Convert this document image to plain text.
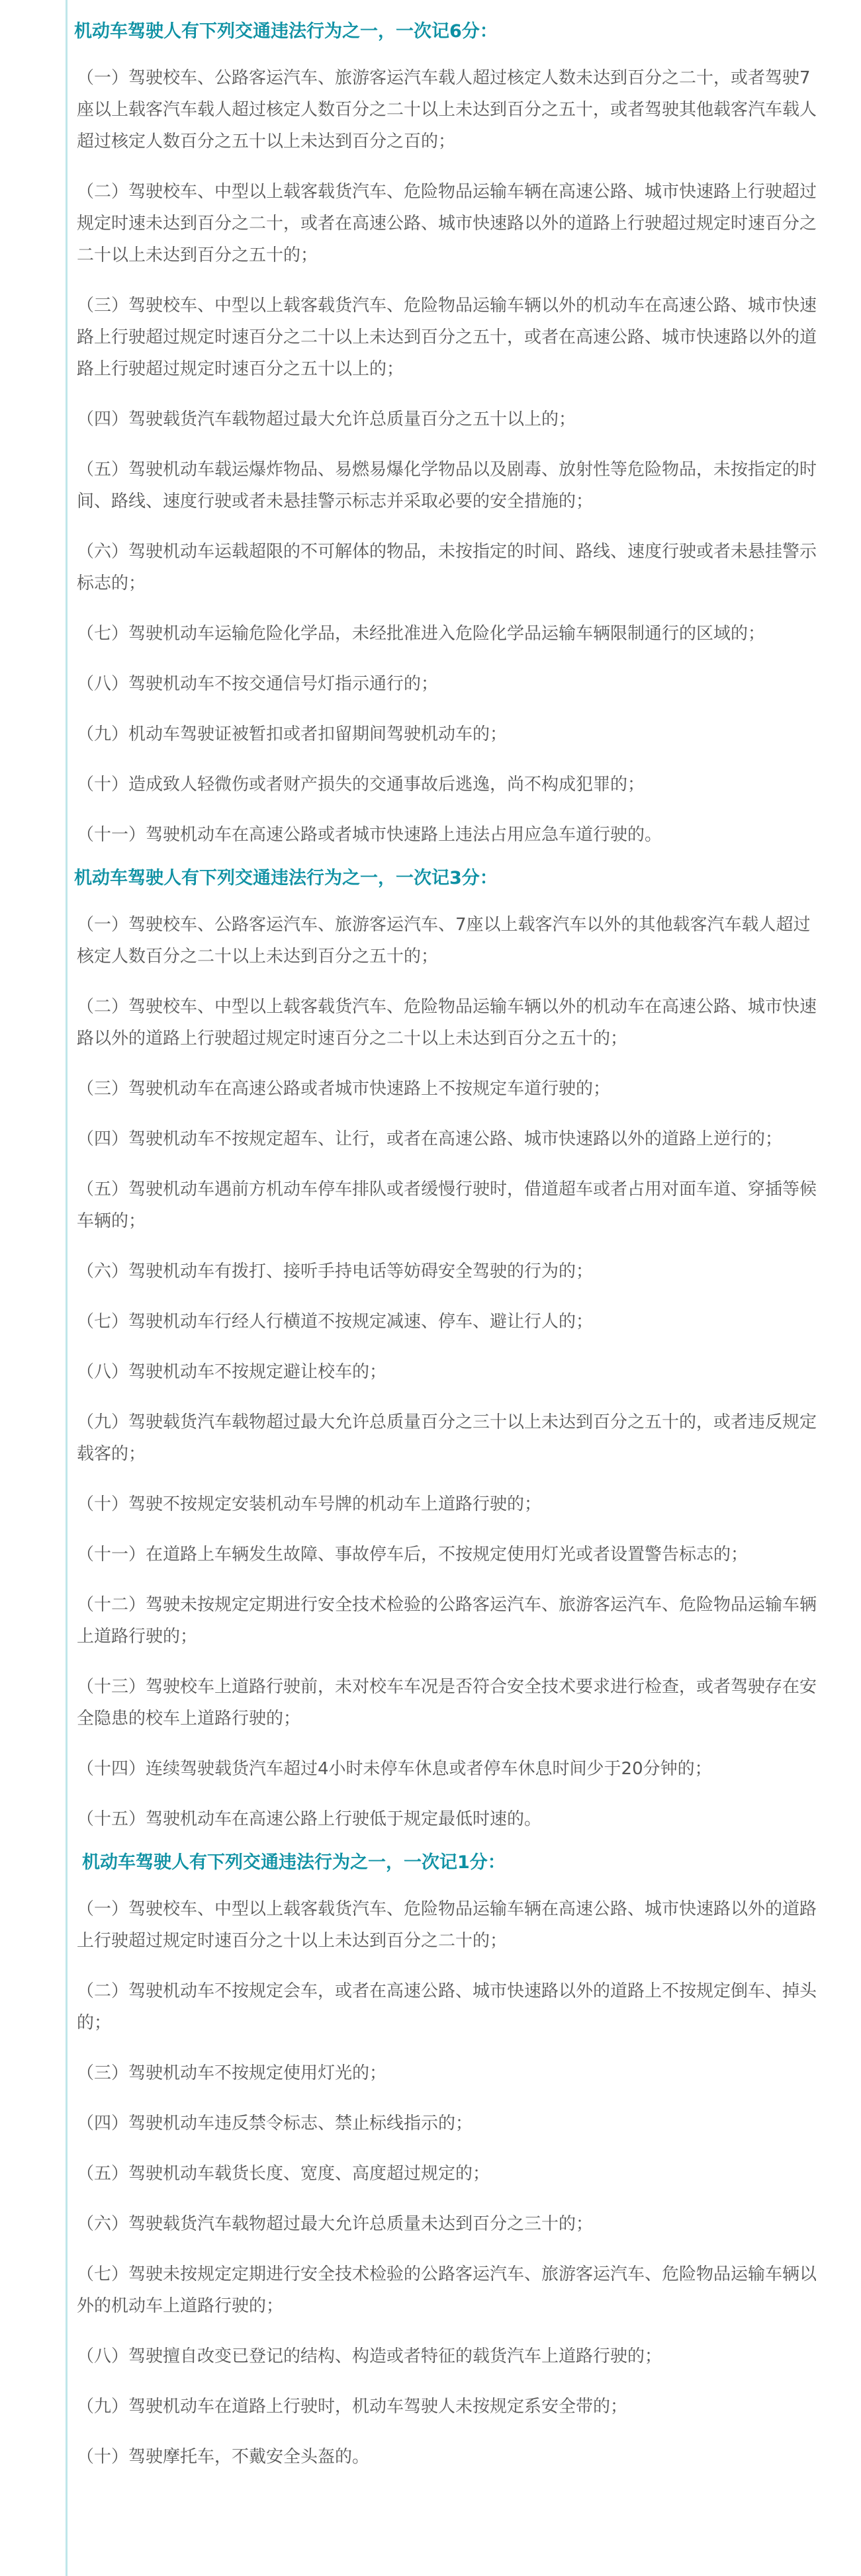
机动车驾驶人有下列交通违法行为之一，一次记6分：

（一）驾驶校车、公路客运汽车、旅游客运汽车载人超过核定人数未达到百分之二十，或者驾驶7座以上载客汽车载人超过核定人数百分之二十以上未达到百分之五十，或者驾驶其他载客汽车载人超过核定人数百分之五十以上未达到百分之百的；

（二）驾驶校车、中型以上载客载货汽车、危险物品运输车辆在高速公路、城市快速路上行驶超过规定时速未达到百分之二十，或者在高速公路、城市快速路以外的道路上行驶超过规定时速百分之二十以上未达到百分之五十的；

（三）驾驶校车、中型以上载客载货汽车、危险物品运输车辆以外的机动车在高速公路、城市快速路上行驶超过规定时速百分之二十以上未达到百分之五十，或者在高速公路、城市快速路以外的道路上行驶超过规定时速百分之五十以上的；

（四）驾驶载货汽车载物超过最大允许总质量百分之五十以上的；

（五）驾驶机动车载运爆炸物品、易燃易爆化学物品以及剧毒、放射性等危险物品，未按指定的时间、路线、速度行驶或者未悬挂警示标志并采取必要的安全措施的；

（六）驾驶机动车运载超限的不可解体的物品，未按指定的时间、路线、速度行驶或者未悬挂警示标志的；

（七）驾驶机动车运输危险化学品，未经批准进入危险化学品运输车辆限制通行的区域的；

（八）驾驶机动车不按交通信号灯指示通行的；

（九）机动车驾驶证被暂扣或者扣留期间驾驶机动车的；

（十）造成致人轻微伤或者财产损失的交通事故后逃逸，尚不构成犯罪的；

（十一）驾驶机动车在高速公路或者城市快速路上违法占用应急车道行驶的。

机动车驾驶人有下列交通违法行为之一，一次记3分：

（一）驾驶校车、公路客运汽车、旅游客运汽车、7座以上载客汽车以外的其他载客汽车载人超过核定人数百分之二十以上未达到百分之五十的；

（二）驾驶校车、中型以上载客载货汽车、危险物品运输车辆以外的机动车在高速公路、城市快速路以外的道路上行驶超过规定时速百分之二十以上未达到百分之五十的；

（三）驾驶机动车在高速公路或者城市快速路上不按规定车道行驶的；

（四）驾驶机动车不按规定超车、让行，或者在高速公路、城市快速路以外的道路上逆行的；

（五）驾驶机动车遇前方机动车停车排队或者缓慢行驶时，借道超车或者占用对面车道、穿插等候车辆的；

（六）驾驶机动车有拨打、接听手持电话等妨碍安全驾驶的行为的；

（七）驾驶机动车行经人行横道不按规定减速、停车、避让行人的；

（八）驾驶机动车不按规定避让校车的；

（九）驾驶载货汽车载物超过最大允许总质量百分之三十以上未达到百分之五十的，或者违反规定载客的；

（十）驾驶不按规定安装机动车号牌的机动车上道路行驶的；

（十一）在道路上车辆发生故障、事故停车后，不按规定使用灯光或者设置警告标志的；

（十二）驾驶未按规定定期进行安全技术检验的公路客运汽车、旅游客运汽车、危险物品运输车辆上道路行驶的；

（十三）驾驶校车上道路行驶前，未对校车车况是否符合安全技术要求进行检查，或者驾驶存在安全隐患的校车上道路行驶的；

（十四）连续驾驶载货汽车超过4小时未停车休息或者停车休息时间少于20分钟的；

（十五）驾驶机动车在高速公路上行驶低于规定最低时速的。

机动车驾驶人有下列交通违法行为之一，一次记1分：

（一）驾驶校车、中型以上载客载货汽车、危险物品运输车辆在高速公路、城市快速路以外的道路上行驶超过规定时速百分之十以上未达到百分之二十的；

（二）驾驶机动车不按规定会车，或者在高速公路、城市快速路以外的道路上不按规定倒车、掉头的；

（三）驾驶机动车不按规定使用灯光的；

（四）驾驶机动车违反禁令标志、禁止标线指示的；

（五）驾驶机动车载货长度、宽度、高度超过规定的；

（六）驾驶载货汽车载物超过最大允许总质量未达到百分之三十的；

（七）驾驶未按规定定期进行安全技术检验的公路客运汽车、旅游客运汽车、危险物品运输车辆以外的机动车上道路行驶的；

（八）驾驶擅自改变已登记的结构、构造或者特征的载货汽车上道路行驶的；

（九）驾驶机动车在道路上行驶时，机动车驾驶人未按规定系安全带的；

（十）驾驶摩托车，不戴安全头盔的。
